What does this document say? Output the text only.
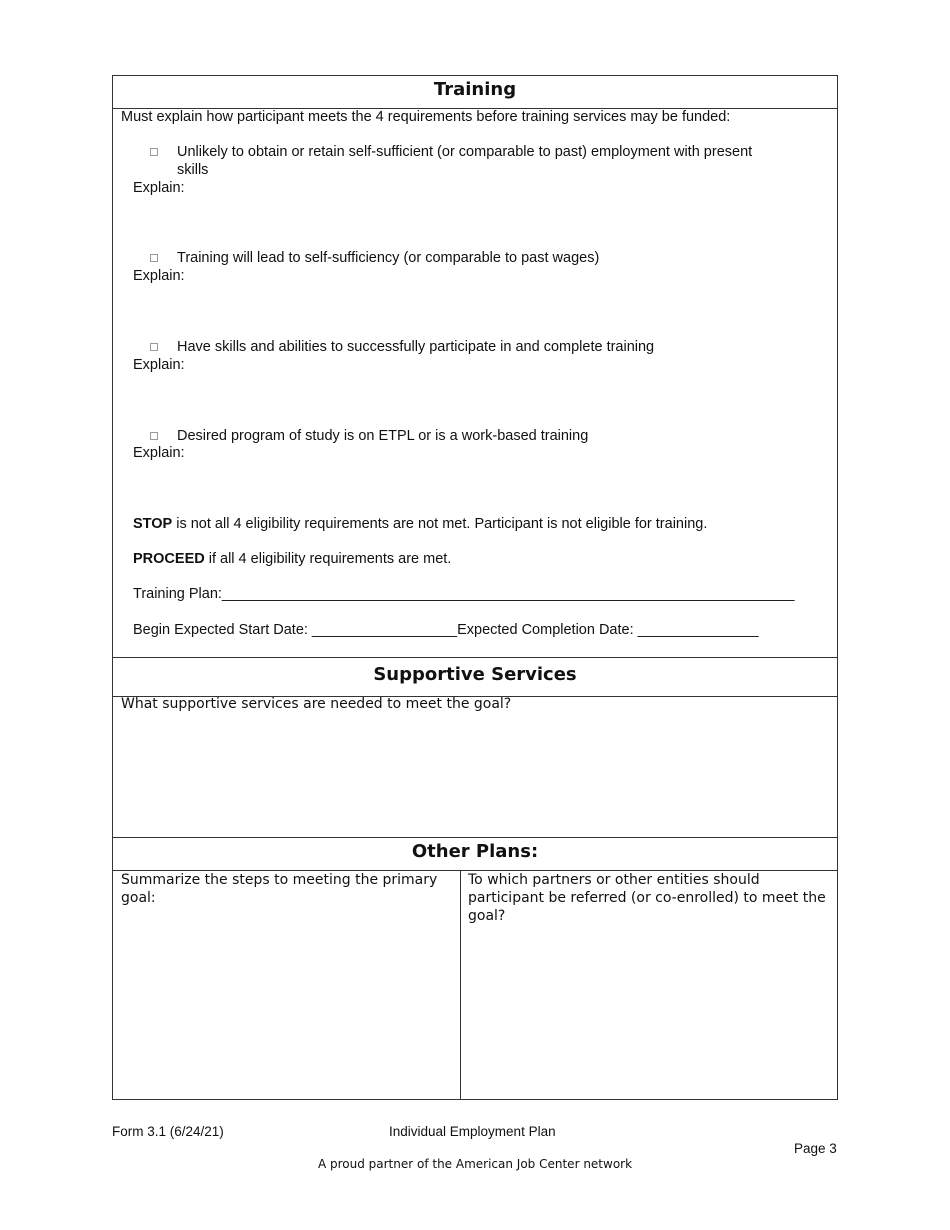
Training
Must explain how participant meets the 4 requirements before training services may be funded:
Unlikely to obtain or retain self-sufficient (or comparable to past) employment with present
skills
Explain:
Training will lead to self-sufficiency (or comparable to past wages)
Explain:
Have skills and abilities to successfully participate in and complete training
Explain:
Desired program of study is on ETPL or is a work-based training
Explain:
STOP is not all 4 eligibility requirements are not met. Participant is not eligible for training.
PROCEED if all 4 eligibility requirements are met.
Training Plan:_______________________________________________________________________
Begin Expected Start Date: __________________Expected Completion Date: _______________
Supportive Services
What supportive services are needed to meet the goal?
Other Plans:
Summarize the steps to meeting the primary
goal:
To which partners or other entities should
participant be referred (or co-enrolled) to meet the
goal?
Form 3.1 (6/24/21)	Individual Employment Plan
Page 3
A proud partner of the American Job Center network
